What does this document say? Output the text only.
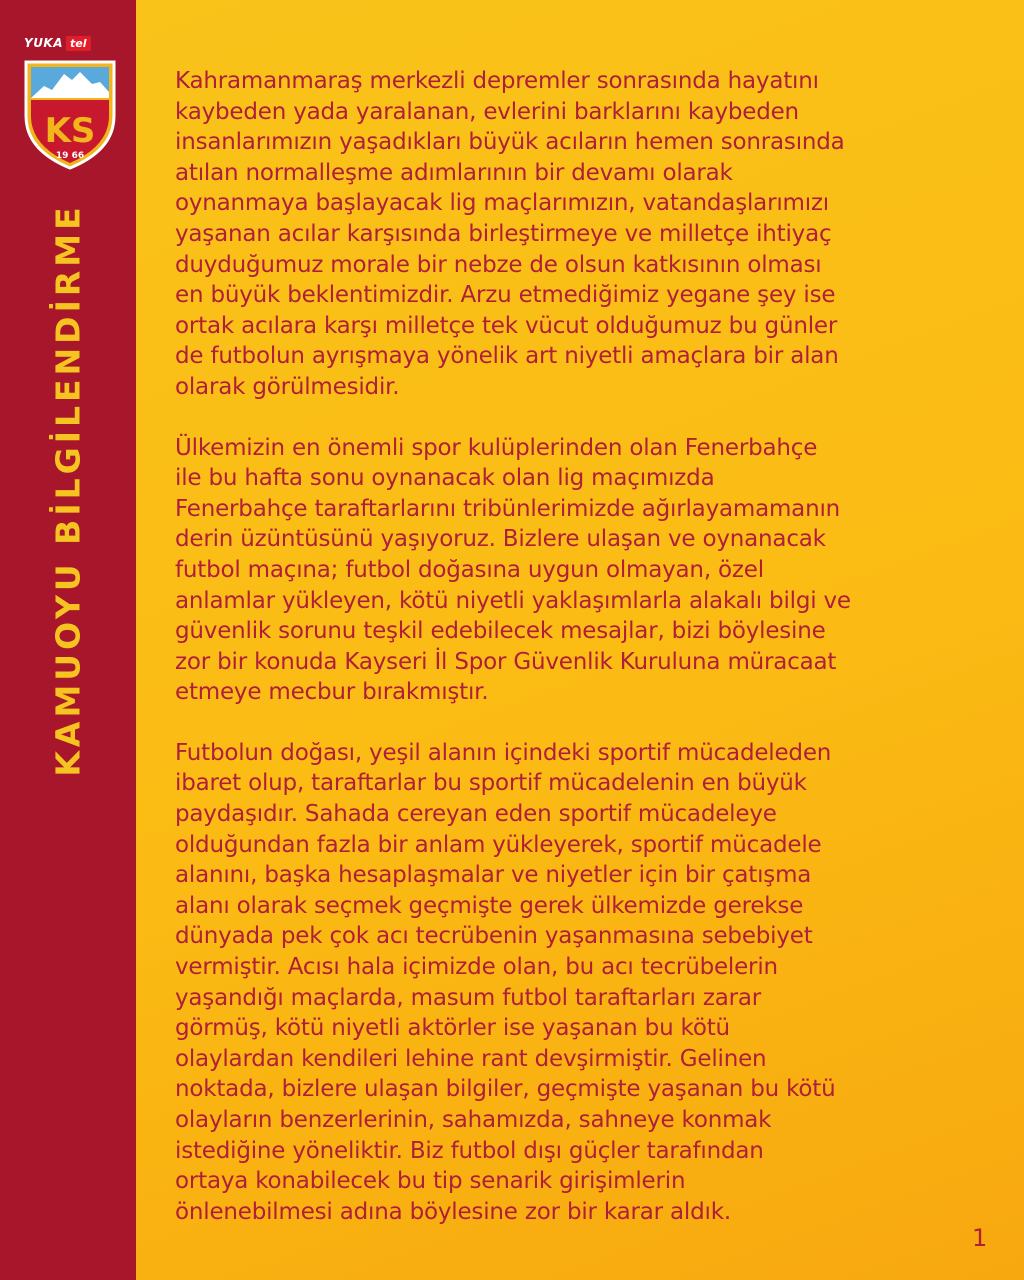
YUKA tel
KS
19 66
KAMUOYU BİLGİLENDİRME

Kahramanmaraş merkezli depremler sonrasında hayatını
kaybeden yada yaralanan, evlerini barklarını kaybeden
insanlarımızın yaşadıkları büyük acıların hemen sonrasında
atılan normalleşme adımlarının bir devamı olarak
oynanmaya başlayacak lig maçlarımızın, vatandaşlarımızı
yaşanan acılar karşısında birleştirmeye ve milletçe ihtiyaç
duyduğumuz morale bir nebze de olsun katkısının olması
en büyük beklentimizdir. Arzu etmediğimiz yegane şey ise
ortak acılara karşı milletçe tek vücut olduğumuz bu günler
de futbolun ayrışmaya yönelik art niyetli amaçlara bir alan
olarak görülmesidir.

Ülkemizin en önemli spor kulüplerinden olan Fenerbahçe
ile bu hafta sonu oynanacak olan lig maçımızda
Fenerbahçe taraftarlarını tribünlerimizde ağırlayamamanın
derin üzüntüsünü yaşıyoruz. Bizlere ulaşan ve oynanacak
futbol maçına; futbol doğasına uygun olmayan, özel
anlamlar yükleyen, kötü niyetli yaklaşımlarla alakalı bilgi ve
güvenlik sorunu teşkil edebilecek mesajlar, bizi böylesine
zor bir konuda Kayseri İl Spor Güvenlik Kuruluna müracaat
etmeye mecbur bırakmıştır.

Futbolun doğası, yeşil alanın içindeki sportif mücadeleden
ibaret olup, taraftarlar bu sportif mücadelenin en büyük
paydaşıdır. Sahada cereyan eden sportif mücadeleye
olduğundan fazla bir anlam yükleyerek, sportif mücadele
alanını, başka hesaplaşmalar ve niyetler için bir çatışma
alanı olarak seçmek geçmişte gerek ülkemizde gerekse
dünyada pek çok acı tecrübenin yaşanmasına sebebiyet
vermiştir. Acısı hala içimizde olan, bu acı tecrübelerin
yaşandığı maçlarda, masum futbol taraftarları zarar
görmüş, kötü niyetli aktörler ise yaşanan bu kötü
olaylardan kendileri lehine rant devşirmiştir. Gelinen
noktada, bizlere ulaşan bilgiler, geçmişte yaşanan bu kötü
olayların benzerlerinin, sahamızda, sahneye konmak
istediğine yöneliktir. Biz futbol dışı güçler tarafından
ortaya konabilecek bu tip senarik girişimlerin
önlenebilmesi adına böylesine zor bir karar aldık.

1
